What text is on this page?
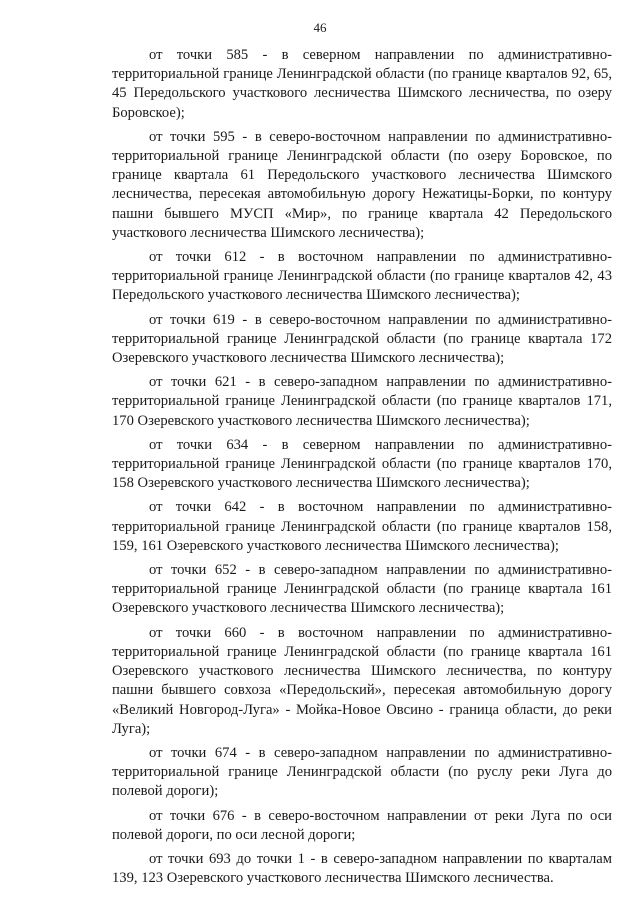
46

от точки 585 - в северном направлении по административно-территориальной границе Ленинградской области (по границе кварталов 92, 65, 45 Передольского участкового лесничества Шимского лесничества, по озеру Боровское);

от точки 595 - в северо-восточном направлении по административно-территориальной границе Ленинградской области (по озеру Боровское, по границе квартала 61 Передольского участкового лесничества Шимского лесничества, пересекая автомобильную дорогу Нежатицы-Борки, по контуру пашни бывшего МУСП «Мир», по границе квартала 42 Передольского участкового лесничества Шимского лесничества);

от точки 612 - в восточном направлении по административно-территориальной границе Ленинградской области (по границе кварталов 42, 43 Передольского участкового лесничества Шимского лесничества);

от точки 619 - в северо-восточном направлении по административно-территориальной границе Ленинградской области (по границе квартала 172 Озеревского участкового лесничества Шимского лесничества);

от точки 621 - в северо-западном направлении по административно-территориальной границе Ленинградской области (по границе кварталов 171, 170 Озеревского участкового лесничества Шимского лесничества);

от точки 634 - в северном направлении по административно-территориальной границе Ленинградской области (по границе кварталов 170, 158 Озеревского участкового лесничества Шимского лесничества);

от точки 642 - в восточном направлении по административно-территориальной границе Ленинградской области (по границе кварталов 158, 159, 161 Озеревского участкового лесничества Шимского лесничества);

от точки 652 - в северо-западном направлении по административно-территориальной границе Ленинградской области (по границе квартала 161 Озеревского участкового лесничества Шимского лесничества);

от точки 660 - в восточном направлении по административно-территориальной границе Ленинградской области (по границе квартала 161 Озеревского участкового лесничества Шимского лесничества, по контуру пашни бывшего совхоза «Передольский», пересекая автомобильную дорогу «Великий Новгород-Луга» - Мойка-Новое Овсино - граница области, до реки Луга);

от точки 674 - в северо-западном направлении по административно-территориальной границе Ленинградской области (по руслу реки Луга до полевой дороги);

от точки 676 - в северо-восточном направлении от реки Луга по оси полевой дороги, по оси лесной дороги;

от точки 693 до точки 1 - в северо-западном направлении по кварталам 139, 123 Озеревского участкового лесничества Шимского лесничества.
